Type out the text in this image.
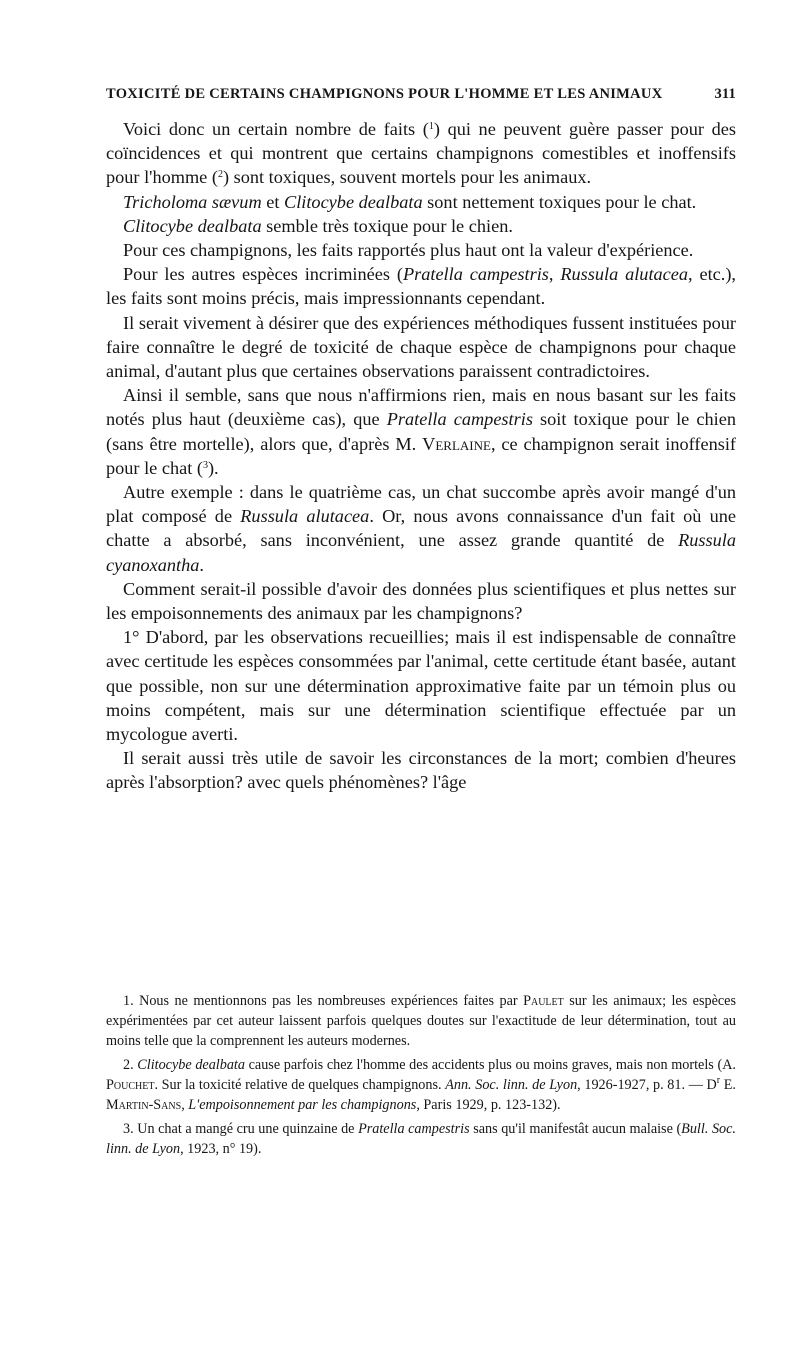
TOXICITÉ DE CERTAINS CHAMPIGNONS POUR L'HOMME ET LES ANIMAUX	311

Voici donc un certain nombre de faits ($^1$) qui ne peuvent guère passer pour des coïncidences et qui montrent que certains champignons comestibles et inoffensifs pour l'homme ($^2$) sont toxiques, souvent mortels pour les animaux.

Tricholoma sævum et Clitocybe dealbata sont nettement toxiques pour le chat.

Clitocybe dealbata semble très toxique pour le chien.

Pour ces champignons, les faits rapportés plus haut ont la valeur d'expérience.

Pour les autres espèces incriminées (Pratella campestris, Russula alutacea, etc.), les faits sont moins précis, mais impressionnants cependant.

Il serait vivement à désirer que des expériences méthodiques fussent instituées pour faire connaître le degré de toxicité de chaque espèce de champignons pour chaque animal, d'autant plus que certaines observations paraissent contradictoires.

Ainsi il semble, sans que nous n'affirmions rien, mais en nous basant sur les faits notés plus haut (deuxième cas), que Pratella campestris soit toxique pour le chien (sans être mortelle), alors que, d'après M. Verlaine, ce champignon serait inoffensif pour le chat ($^3$).

Autre exemple : dans le quatrième cas, un chat succombe après avoir mangé d'un plat composé de Russula alutacea. Or, nous avons connaissance d'un fait où une chatte a absorbé, sans inconvénient, une assez grande quantité de Russula cyanoxantha.

Comment serait-il possible d'avoir des données plus scientifiques et plus nettes sur les empoisonnements des animaux par les champignons?

1° D'abord, par les observations recueillies; mais il est indispensable de connaître avec certitude les espèces consommées par l'animal, cette certitude étant basée, autant que possible, non sur une détermination approximative faite par un témoin plus ou moins compétent, mais sur une détermination scientifique effectuée par un mycologue averti.

Il serait aussi très utile de savoir les circonstances de la mort; combien d'heures après l'absorption? avec quels phénomènes? l'âge

1. Nous ne mentionnons pas les nombreuses expériences faites par Paulet sur les animaux; les espèces expérimentées par cet auteur laissent parfois quelques doutes sur l'exactitude de leur détermination, tout au moins telle que la comprennent les auteurs modernes.

2. Clitocybe dealbata cause parfois chez l'homme des accidents plus ou moins graves, mais non mortels (A. Pouchet. Sur la toxicité relative de quelques champignons. Ann. Soc. linn. de Lyon, 1926-1927, p. 81. — $D^r$ E. Martin-Sans, L'empoisonnement par les champignons, Paris 1929, p. 123-132).

3. Un chat a mangé cru une quinzaine de Pratella campestris sans qu'il manifestât aucun malaise (Bull. Soc. linn. de Lyon, 1923, n° 19).
